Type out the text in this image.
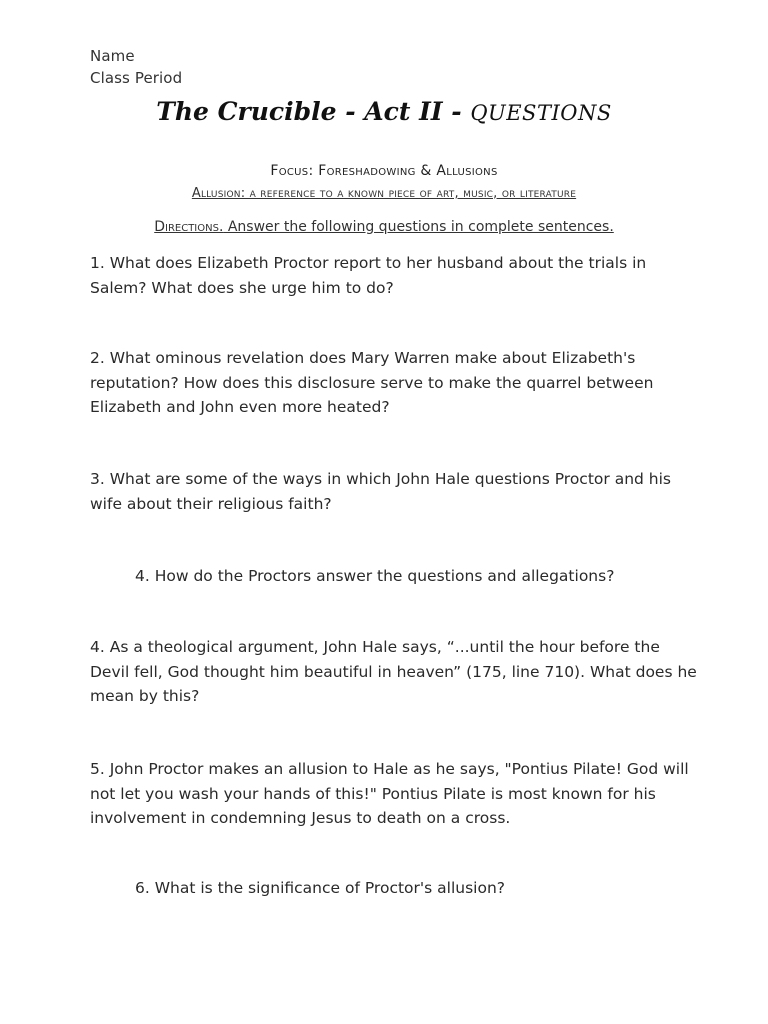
Name
Class Period
The Crucible - Act II - QUESTIONS
Focus: Foreshadowing & Allusions
Allusion: a reference to a known piece of art, music, or literature
Directions. Answer the following questions in complete sentences.
1. What does Elizabeth Proctor report to her husband about the trials in Salem? What does she urge him to do?
2. What ominous revelation does Mary Warren make about Elizabeth's reputation? How does this disclosure serve to make the quarrel between Elizabeth and John even more heated?
3. What are some of the ways in which John Hale questions Proctor and his wife about their religious faith?
4. How do the Proctors answer the questions and allegations?
4. As a theological argument, John Hale says, “...until the hour before the Devil fell, God thought him beautiful in heaven” (175, line 710). What does he mean by this?
5. John Proctor makes an allusion to Hale as he says, "Pontius Pilate! God will not let you wash your hands of this!" Pontius Pilate is most known for his involvement in condemning Jesus to death on a cross.
6. What is the significance of Proctor's allusion?
